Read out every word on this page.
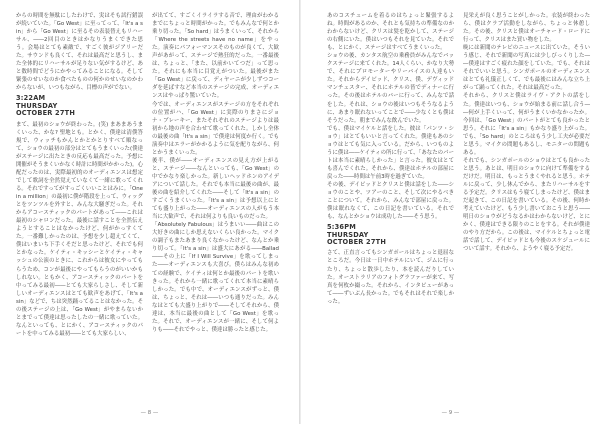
からの時間を無駄にしたわけで、実はそも試行錯誤が続いていた。「Go West」に至ってって、「It's a sin」から「Go West」に至るその表装替えもリハーサル、――2回目のときはかなりうまくできた思う。会場はとても素敵で、すごく彼がジアリーだた。サウンドも良くて、それは最高だと思うし、また全体的にリハーサルが足りない気がするけど、あと数時間でどうにかやってみることになる。そして緊張のせいなのか食べたものの何かのせいなのかわからないが、いつもながら、目標の声がでない。

3:22AM
THURSDAY
OCTOBER 27TH

まて、最初のショウが終わった。(笑) まあまあうまくいった、かな? 聖地とも。とかく、僕達は清僕答規で、ウィッチもかんとかとかとりすべて順なって、ショウの最初の部分はとてもうまくいった(僕達がステージに出たときの反応も最高だった。予想に開催がそうまくいかなく時計に時間がかかった)。心配だったのは、実際最初的のオーディエンスは想定でして歌詞を全然覚えていなくて一緒に歌ってくれる。それですってがすっごくいいことはみに。「One in a million」の最初に僕が階段を上って、ウィッグとをツンツルを外すと、みんな大騒ぎだった。それからアコースティックのパートがあって――これは最初のシャロンだった。最後に話すことを全然伝えようとすることはなかったけど、何がかっすくてた。一番難しかったのは、予想を少し超えてくて、僕はいまいち下手くそだと思ったけど、それでも何とかなった。ケイティ・キッシーとケイティ・キャッシュの公演のときに、これからは彼女にやってもらうため、コンが最後にやってもらうのがいいかもしれない。ともかく、アコースティックのパートを中ってみる最初――とても大家らしさし、そして新しいオーディエンスはとても歓声をあげて、「It's a sin」などで、ちは突然踊ってることはなかった。その後ステージの上は、「Go West」がやまらないかとまでって僕達は思ったしたの一緒に歌っていた。なんといっても、とにかく、アコースティックのパートを中ってみる最初――とても大家らしい、

が出てて、すごくイライラする音で、理由がわかるまでにちょっと時間がかった。でもみんなで何とか乗り切った。「So hard」はうまくいって、それから「Where the streets have no name」をやった。演奏にパフォーマンスそのものが良くて、大歓声があがって、ステージで熱狂的だった。一番最後は、ちょっと、「また、以前かいてつだ」って思った。それにも本当に目覚えがついた。最後がまた「Go West」に戻って、ディヤーニが少しずつコーダを延ばすなど本当のステージの完成、オーディエンスはやっぱり驚いていた。

今では、オーディエンスがステージの方をそれぞれの位置がハ、「Go West」に実際のりまさにジョナ・ブレーキー、またそれぞれのステージよりは最初から地の声を合わせて歌ってくれた。しかし全体の最後の曲「It's a sin」で僕達は何度か行く。でも演奏中はエラーがかかるように気を配りながら、何とかうまくいった。

後半、僕が――オーディエンスの見え方が上がると、ステージ――なんといっても、「Go West」の中でかなり楽しかった。新しいヘッドホンのアイデアについて話した。それでも本当に最後の曲が、最後の曲を紹介してくれた――そして「It's a sin」のすごくうまくいった。「It's a sin」は予想以上にとても盛り上がった――オーディエンスの人がもう本当に大歓声で、それは何よりも良いものだった。

「Absolutely Fabulous」はうまいい――曲はこの大好きの曲にしか思えないくらい良かった。マイクの調子もまたあまり良くなかったけど、なんとか乗り切って。「It's a sin」は盛大にあがる――Ballad――その上に「If I Will Survive」を歌ってしまった――オーディエンスも大喜び。僕らはみんな初めての経験で、ケイティは何とか最後のパートを歌いきった。それから一緒に歌ってくれて本当に素晴らしかった。でも中で、オーディエンスがずっと、僕は、ちょっと、それは――いつも通りだった。みんなはとても大盛り上がりで――そしてそれから、僕達は、本当に最後の曲として「Go West」を歌った。それで、オーディエンスが一緒に、そして何よりも――それでやっと、僕達は勝ったと感じた。

— 8 —

あのコスチュームを着るのはちょっと緊張するよね。時間があるのか、それとも気持ちの準備なのかわからないけど、クリスは髪を乾かして、ステージの右側にいた。僕はいつもそれを見ていた。それでも、とにかく、ステージはすべてうまくいった。

ショウの後、カンタス航空の乗務員がみんなでバックステージに来てくれた。14人くらい、かなり大勢で、それにプロモーターやリーバイスの人達もいた。それからデイビッド、クリス、僕、デヴィッドマンチェスター、それにホテルの皆でディナーに行った。その後はホテルのバーに行って、みんなで話をした。それは、ショウの後はいつもそうなるように、あまり眠れないってことで――少なくとも僕はそうだった。朝までみんな飲んでいた。

でも、僕はマイケルと話をした。彼は「パンツ・ショウ」はとてもいいと言ってくれた。僕達もあのショウはとても気に入っている。だから、いつものように僕は――ケイティの所に行って、「あなたのパートは本当に素晴らしかった」と言った。彼女はとても喜んでくれた。それから、僕達はホテルの部屋に戻った――時間は午前3時を過ぎていた。

その後、デイビッドとクリスと僕は話をした――ショウのことや、ツアーのこと、そして次にやるべきことについて。それから、みんなで部屋に戻った。僕は眠れなくて、この日記を書いている。それでも、なんとかショウは成功した――そう思う。

5:36PM
THURSDAY
OCTOBER 27TH

さて、正直言ってもシンガポールはちょっと退屈なところだ。今日は一日中ホテルにいて、ジムに行ったり、ちょっと散歩したり、本を読んだりしていた。オーストラリアのフォトグラファーが来て、写真を何枚か撮った。それから、インタビューがあって――ずいぶん長かった。でもそれはそれで楽しかった。

見栄えが良く思うことがしかった。衣装が終わったら、僕はクラブ活動をしながら、ちょっと休憩した。その後、クリスと僕はオーチャード・ロードに行って、クリスはまた買い物をした。

晩には新聞のテレビのニュースに出ていた。そういう感じ、それで新聞の写真には少しびっくりした――僕達はすごく疲れた顔をしていた。でも、それはそれでいいと思う。シンガポールのオーディエンスはとても礼儀正しくて、でも最後にはみんな立ち上がって踊ってくれた。それは最高だった。

それから、クリスと僕はライヴ・アクトの話をした。僕達はいつも、ショウが始まる前に話し合う――何が上手くいって、何がうまくいかなかったか。今回は、「Go West」のパートがとても良かったと思う。それに「It's a sin」もかなり盛り上がった。でも、「So hard」のところはもう少し工夫が必要だと思う。マイクの問題もあるし、モニターの問題もある。

それでも、シンガポールのショウはとても良かったと思う。あとは、明日のショウに向けて準備をするだけだ。明日は、もっとうまくやれると思う。ホテルに戻って、少し休んでから、またリハーサルをする予定だ。クリスはもう寝てしまったけど、僕はまだ起きて、この日記を書いている。その後、何時か考えていたけど、もう少し書いておこうと思う――明日のショウがどうなるかはわからないけど、とにかく、僕達はできる限りのことをする。それが僕達のやり方だから。この後は、マイケルとちょっと電話で話して、デイビッドとも今後のスケジュールについて話す。それから、ようやく寝る予定だ。

— 9 —
